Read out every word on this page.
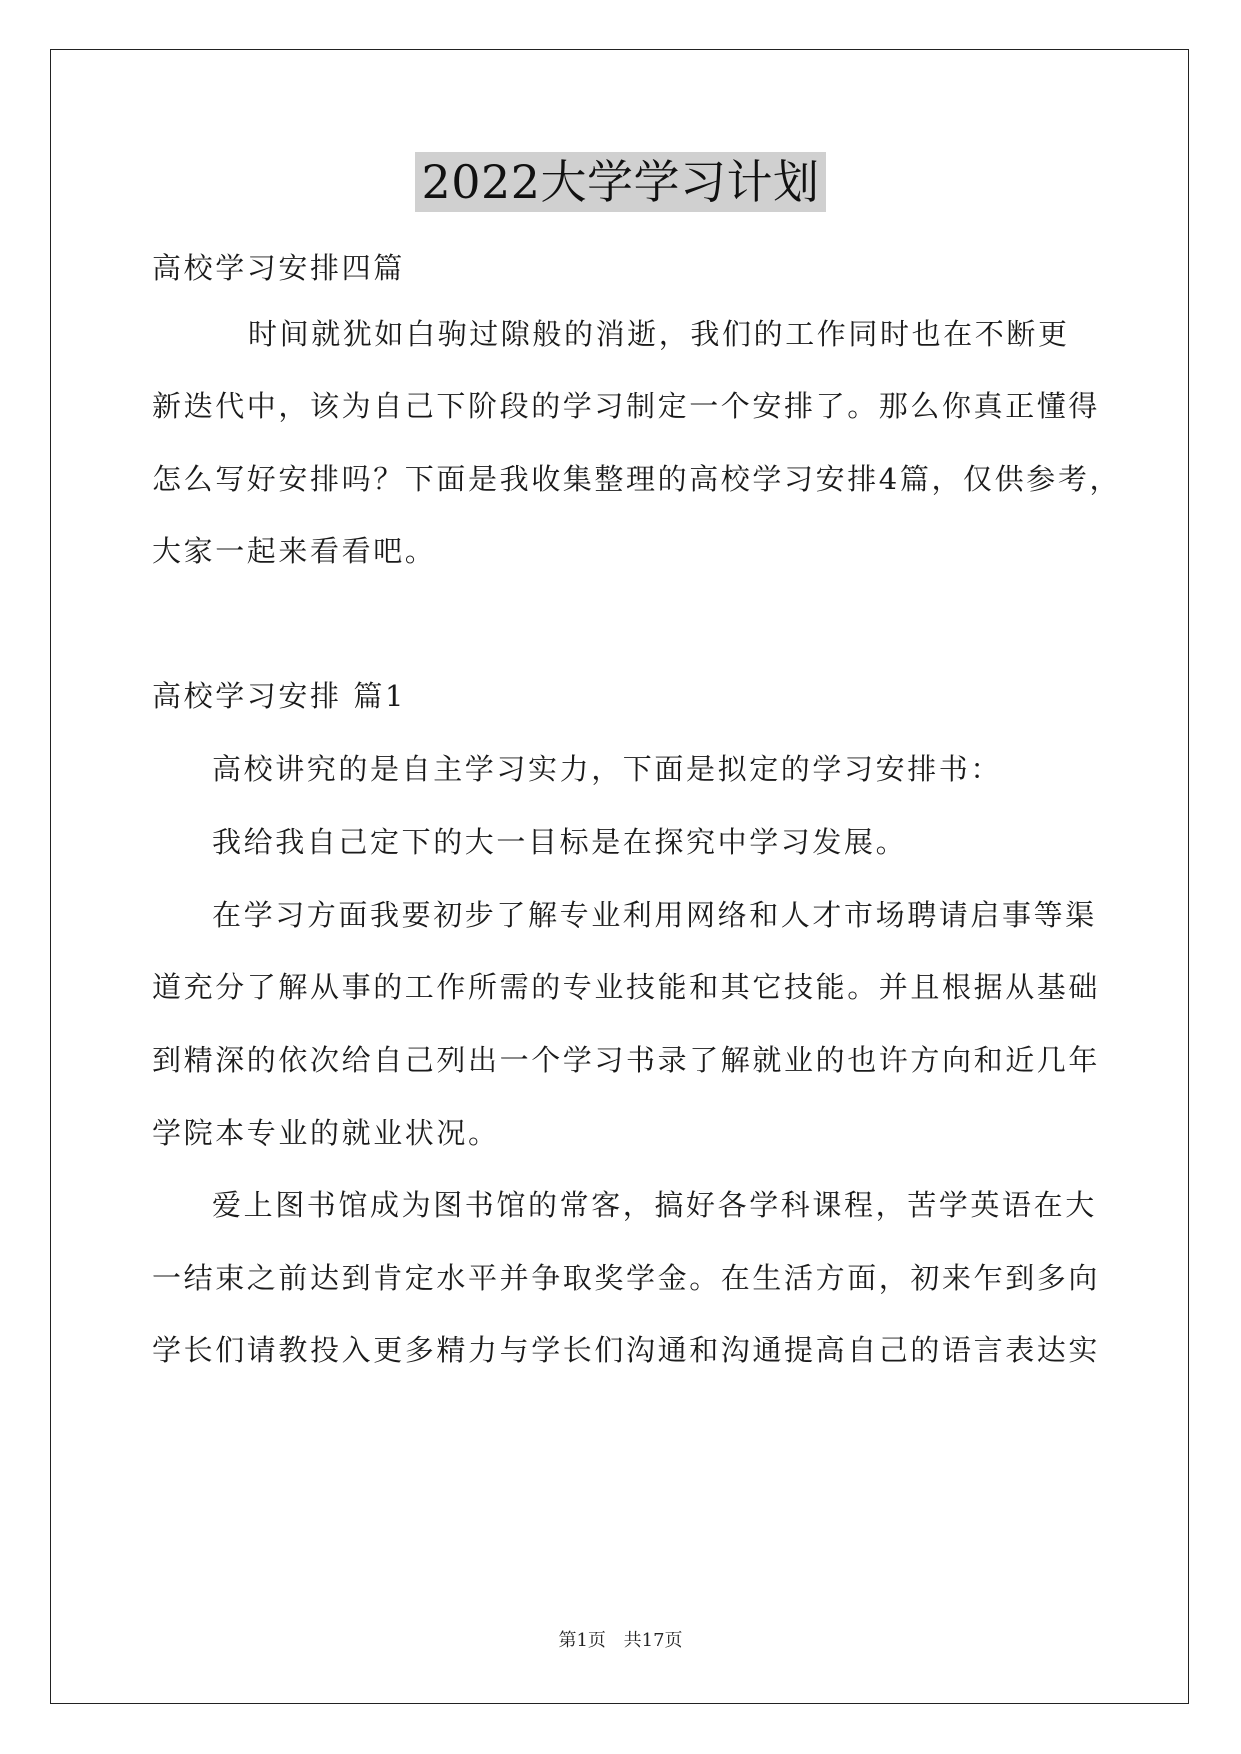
2022大学学习计划
高校学习安排四篇
时间就犹如白驹过隙般的消逝，我们的工作同时也在不断更
新迭代中，该为自己下阶段的学习制定一个安排了。那么你真正懂得
怎么写好安排吗？下面是我收集整理的高校学习安排4篇，仅供参考，
大家一起来看看吧。
高校学习安排 篇1
高校讲究的是自主学习实力，下面是拟定的学习安排书：
我给我自己定下的大一目标是在探究中学习发展。
在学习方面我要初步了解专业利用网络和人才市场聘请启事等渠
道充分了解从事的工作所需的专业技能和其它技能。并且根据从基础
到精深的依次给自己列出一个学习书录了解就业的也许方向和近几年
学院本专业的就业状况。
爱上图书馆成为图书馆的常客，搞好各学科课程，苦学英语在大
一结束之前达到肯定水平并争取奖学金。在生活方面，初来乍到多向
学长们请教投入更多精力与学长们沟通和沟通提高自己的语言表达实
第1页 共17页
